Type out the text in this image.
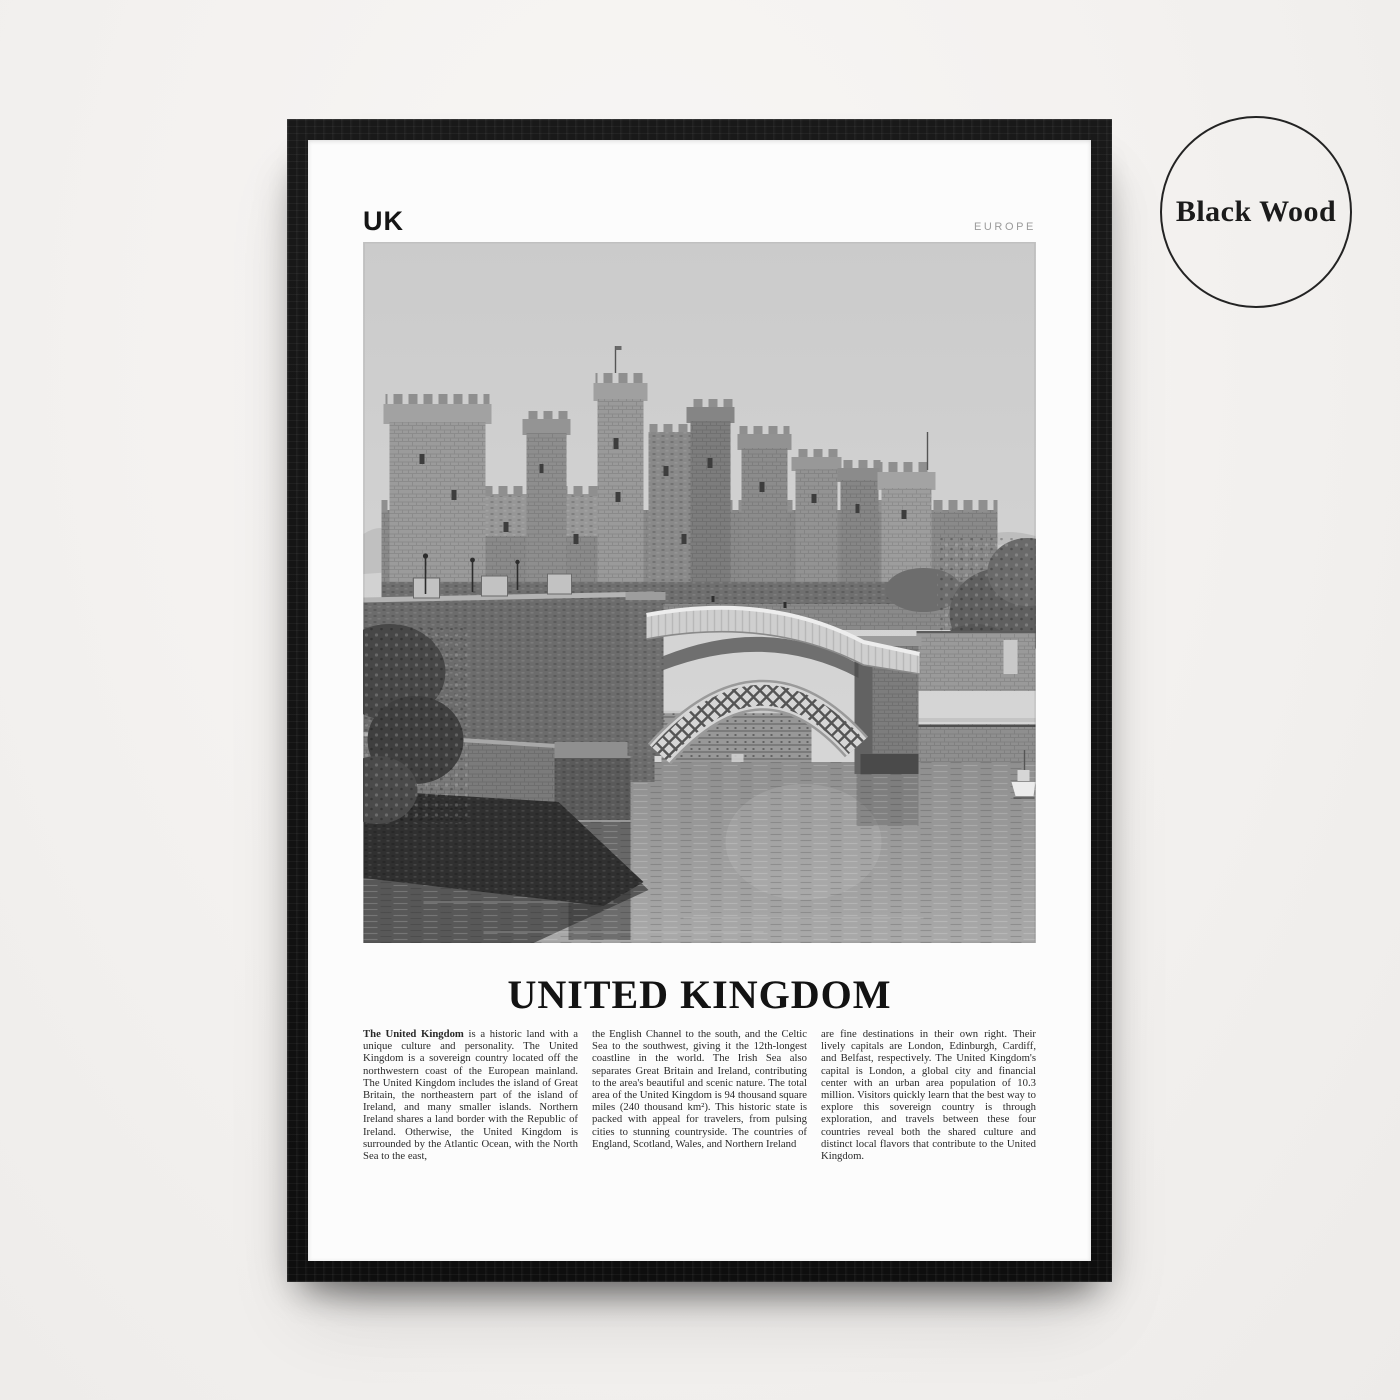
UK	EUROPE
UNITED KINGDOM

The United Kingdom is a historic land with a unique culture and personality. The United Kingdom is a sovereign country located off the northwestern coast of the European mainland. The United Kingdom includes the island of Great Britain, the northeastern part of the island of Ireland, and many smaller islands. Northern Ireland shares a land border with the Republic of Ireland. Otherwise, the United Kingdom is surrounded by the Atlantic Ocean, with the North Sea to the east,

the English Channel to the south, and the Celtic Sea to the southwest, giving it the 12th-longest coastline in the world. The Irish Sea also separates Great Britain and Ireland, contributing to the area's beautiful and scenic nature. The total area of the United Kingdom is 94 thousand square miles (240 thousand km²). This historic state is packed with appeal for travelers, from pulsing cities to stunning countryside. The countries of England, Scotland, Wales, and Northern Ireland

are fine destinations in their own right. Their lively capitals are London, Edinburgh, Cardiff, and Belfast, respectively. The United Kingdom's capital is London, a global city and financial center with an urban area population of 10.3 million. Visitors quickly learn that the best way to explore this sovereign country is through exploration, and travels between these four countries reveal both the shared culture and distinct local flavors that contribute to the United Kingdom.

Black Wood
